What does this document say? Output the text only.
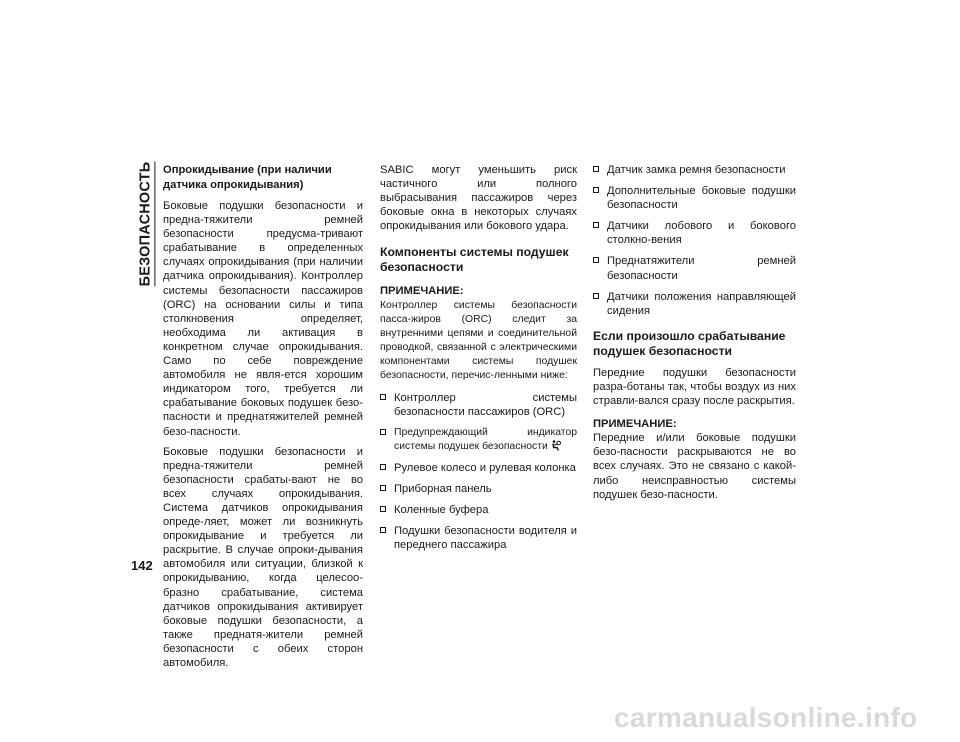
БЕЗОПАСНОСТЬ
142
Опрокидывание (при наличии датчика опрокидывания)

Боковые подушки безопасности и предна-тяжители ремней безопасности предусма-тривают срабатывание в определенных случаях опрокидывания (при наличии датчика опрокидывания). Контроллер системы безопасности пассажиров (ORC) на основании силы и типа столкновения определяет, необходима ли активация в конкретном случае опрокидывания. Само по себе повреждение автомобиля не явля-ется хорошим индикатором того, требуется ли срабатывание боковых подушек безо-пасности и преднатяжителей ремней безо-пасности.

Боковые подушки безопасности и предна-тяжители ремней безопасности срабаты-вают не во всех случаях опрокидывания. Система датчиков опрокидывания опреде-ляет, может ли возникнуть опрокидывание и требуется ли раскрытие. В случае опроки-дывания автомобиля или ситуации, близкой к опрокидыванию, когда целесоо-бразно срабатывание, система датчиков опрокидывания активирует боковые подушки безопасности, а также преднатя-жители ремней безопасности с обеих сторон автомобиля.

SABIC могут уменьшить риск частичного или полного выбрасывания пассажиров через боковые окна в некоторых случаях опрокидывания или бокового удара.

Компоненты системы подушек безопасности
ПРИМЕЧАНИЕ:

Контроллер системы безопасности пасса-жиров (ORC) следит за внутренними цепями и соединительной проводкой, связанной с электрическими компонентами системы подушек безопасности, перечис-ленными ниже:

Контроллер системы безопасности пассажиров (ORC)
Предупреждающий индикатор системы подушек безопасности
Рулевое колесо и рулевая колонка
Приборная панель
Коленные буфера
Подушки безопасности водителя и переднего пассажира
Датчик замка ремня безопасности
Дополнительные боковые подушки безопасности
Датчики лобового и бокового столкно-вения
Преднатяжители ремней безопасности
Датчики положения направляющей сидения
Если произошло срабатывание подушек безопасности

Передние подушки безопасности разра-ботаны так, чтобы воздух из них стравли-вался сразу после раскрытия.

ПРИМЕЧАНИЕ:

Передние и/или боковые подушки безо-пасности раскрываются не во всех случаях. Это не связано с какой-либо неисправностью системы подушек безо-пасности.

carmanualsonline.info
